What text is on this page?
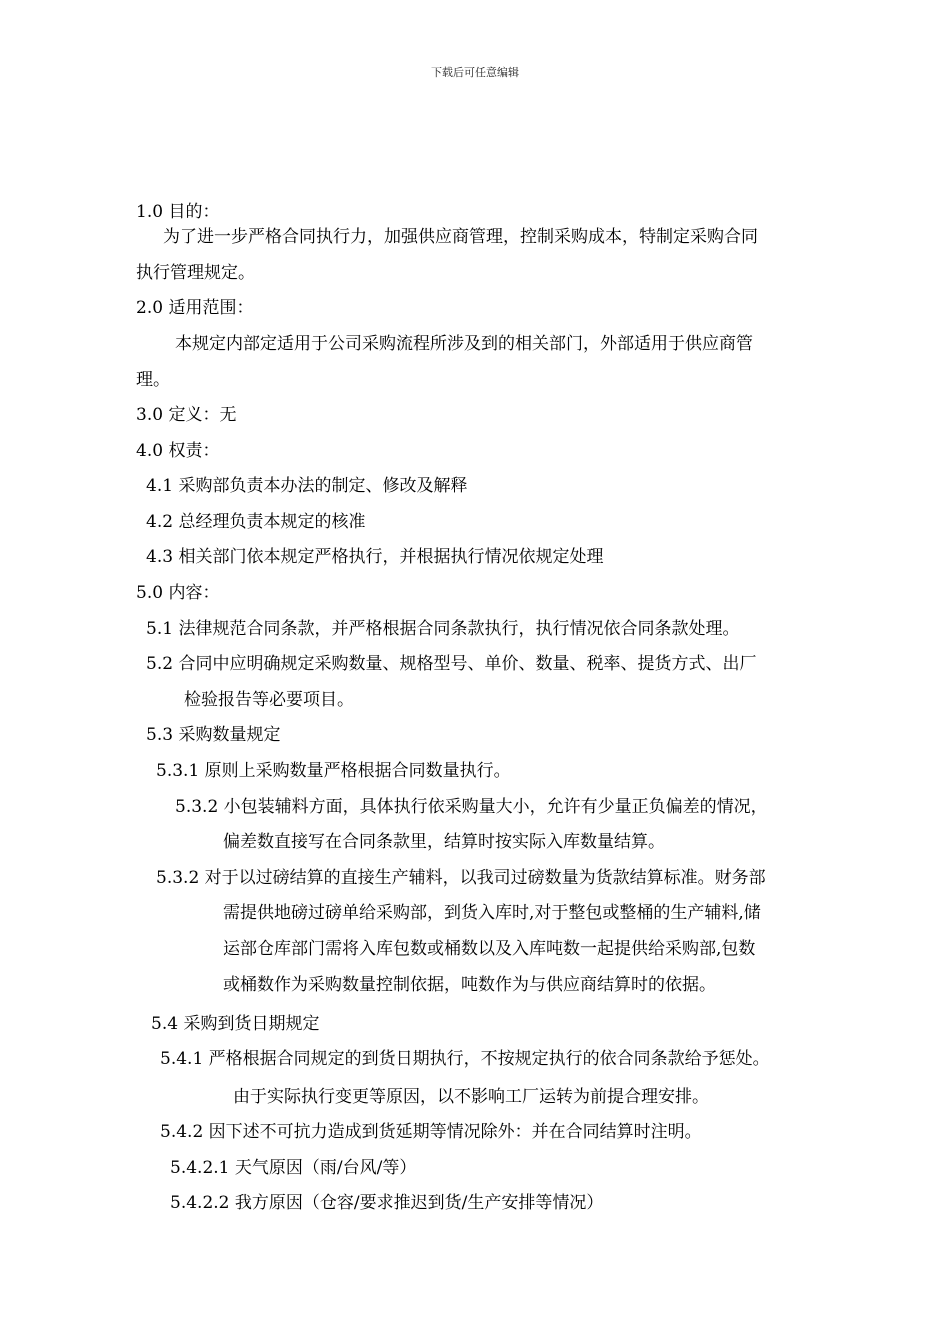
下载后可任意编辑
1.0 目的：
为了进一步严格合同执行力，加强供应商管理，控制采购成本，特制定采购合同
执行管理规定。
2.0 适用范围：
本规定内部定适用于公司采购流程所涉及到的相关部门，外部适用于供应商管
理。
3.0 定义：无
4.0 权责：
4.1 采购部负责本办法的制定、修改及解释
4.2 总经理负责本规定的核准
4.3 相关部门依本规定严格执行，并根据执行情况依规定处理
5.0 内容：
5.1 法律规范合同条款，并严格根据合同条款执行，执行情况依合同条款处理。
5.2 合同中应明确规定采购数量、规格型号、单价、数量、税率、提货方式、出厂
检验报告等必要项目。
5.3 采购数量规定
5.3.1 原则上采购数量严格根据合同数量执行。
5.3.2 小包装辅料方面，具体执行依采购量大小，允许有少量正负偏差的情况，
偏差数直接写在合同条款里，结算时按实际入库数量结算。
5.3.2 对于以过磅结算的直接生产辅料，以我司过磅数量为货款结算标准。财务部
需提供地磅过磅单给采购部，到货入库时,对于整包或整桶的生产辅料,储
运部仓库部门需将入库包数或桶数以及入库吨数一起提供给采购部,包数
或桶数作为采购数量控制依据，吨数作为与供应商结算时的依据。
5.4 采购到货日期规定
5.4.1 严格根据合同规定的到货日期执行，不按规定执行的依合同条款给予惩处。
由于实际执行变更等原因，以不影响工厂运转为前提合理安排。
5.4.2 因下述不可抗力造成到货延期等情况除外：并在合同结算时注明。
5.4.2.1 天气原因（雨/台风/等）
5.4.2.2 我方原因（仓容/要求推迟到货/生产安排等情况）
